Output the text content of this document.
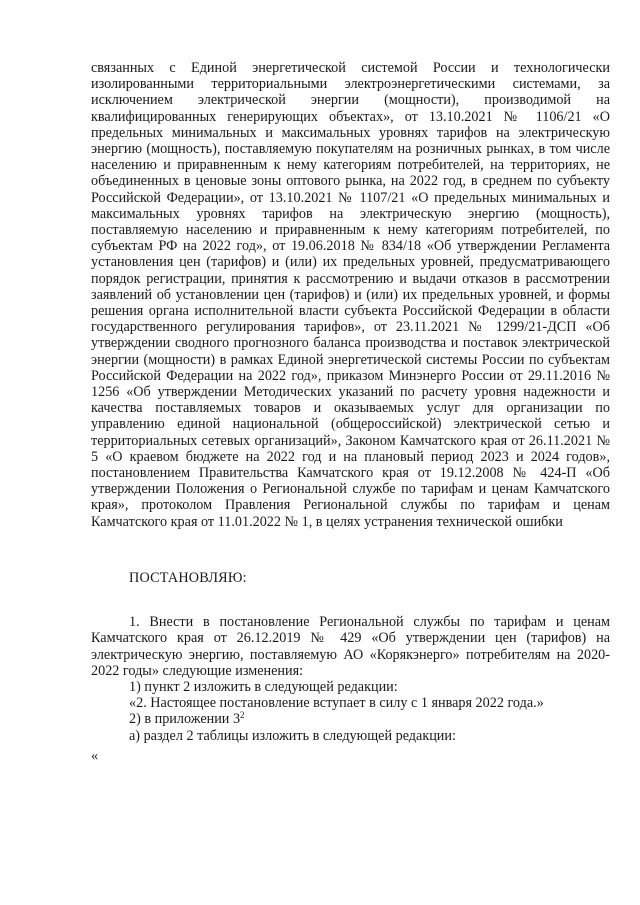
связанных с Единой энергетической системой России и технологически изолированными территориальными электроэнергетическими системами, за исключением электрической энергии (мощности), производимой на квалифицированных генерирующих объектах», от 13.10.2021 № 1106/21 «О предельных минимальных и максимальных уровнях тарифов на электрическую энергию (мощность), поставляемую покупателям на розничных рынках, в том числе населению и приравненным к нему категориям потребителей, на территориях, не объединенных в ценовые зоны оптового рынка, на 2022 год, в среднем по субъекту Российской Федерации», от 13.10.2021 № 1107/21 «О предельных минимальных и максимальных уровнях тарифов на электрическую энергию (мощность), поставляемую населению и приравненным к нему категориям потребителей, по субъектам РФ на 2022 год», от 19.06.2018 № 834/18 «Об утверждении Регламента установления цен (тарифов) и (или) их предельных уровней, предусматривающего порядок регистрации, принятия к рассмотрению и выдачи отказов в рассмотрении заявлений об установлении цен (тарифов) и (или) их предельных уровней, и формы решения органа исполнительной власти субъекта Российской Федерации в области государственного регулирования тарифов», от 23.11.2021 № 1299/21-ДСП «Об утверждении сводного прогнозного баланса производства и поставок электрической энергии (мощности) в рамках Единой энергетической системы России по субъектам Российской Федерации на 2022 год», приказом Минэнерго России от 29.11.2016 № 1256 «Об утверждении Методических указаний по расчету уровня надежности и качества поставляемых товаров и оказываемых услуг для организации по управлению единой национальной (общероссийской) электрической сетью и территориальных сетевых организаций», Законом Камчатского края от 26.11.2021 № 5 «О краевом бюджете на 2022 год и на плановый период 2023 и 2024 годов», постановлением Правительства Камчатского края от 19.12.2008 № 424-П «Об утверждении Положения о Региональной службе по тарифам и ценам Камчатского края», протоколом Правления Региональной службы по тарифам и ценам Камчатского края от 11.01.2022 № 1, в целях устранения технической ошибки

ПОСТАНОВЛЯЮ:

1. Внести в постановление Региональной службы по тарифам и ценам Камчатского края от 26.12.2019 № 429 «Об утверждении цен (тарифов) на электрическую энергию, поставляемую АО «Корякэнерго» потребителям на 2020-2022 годы» следующие изменения:

1) пункт 2 изложить в следующей редакции:

«2. Настоящее постановление вступает в силу с 1 января 2022 года.»

2) в приложении $3^2$

а) раздел 2 таблицы изложить в следующей редакции:

«
